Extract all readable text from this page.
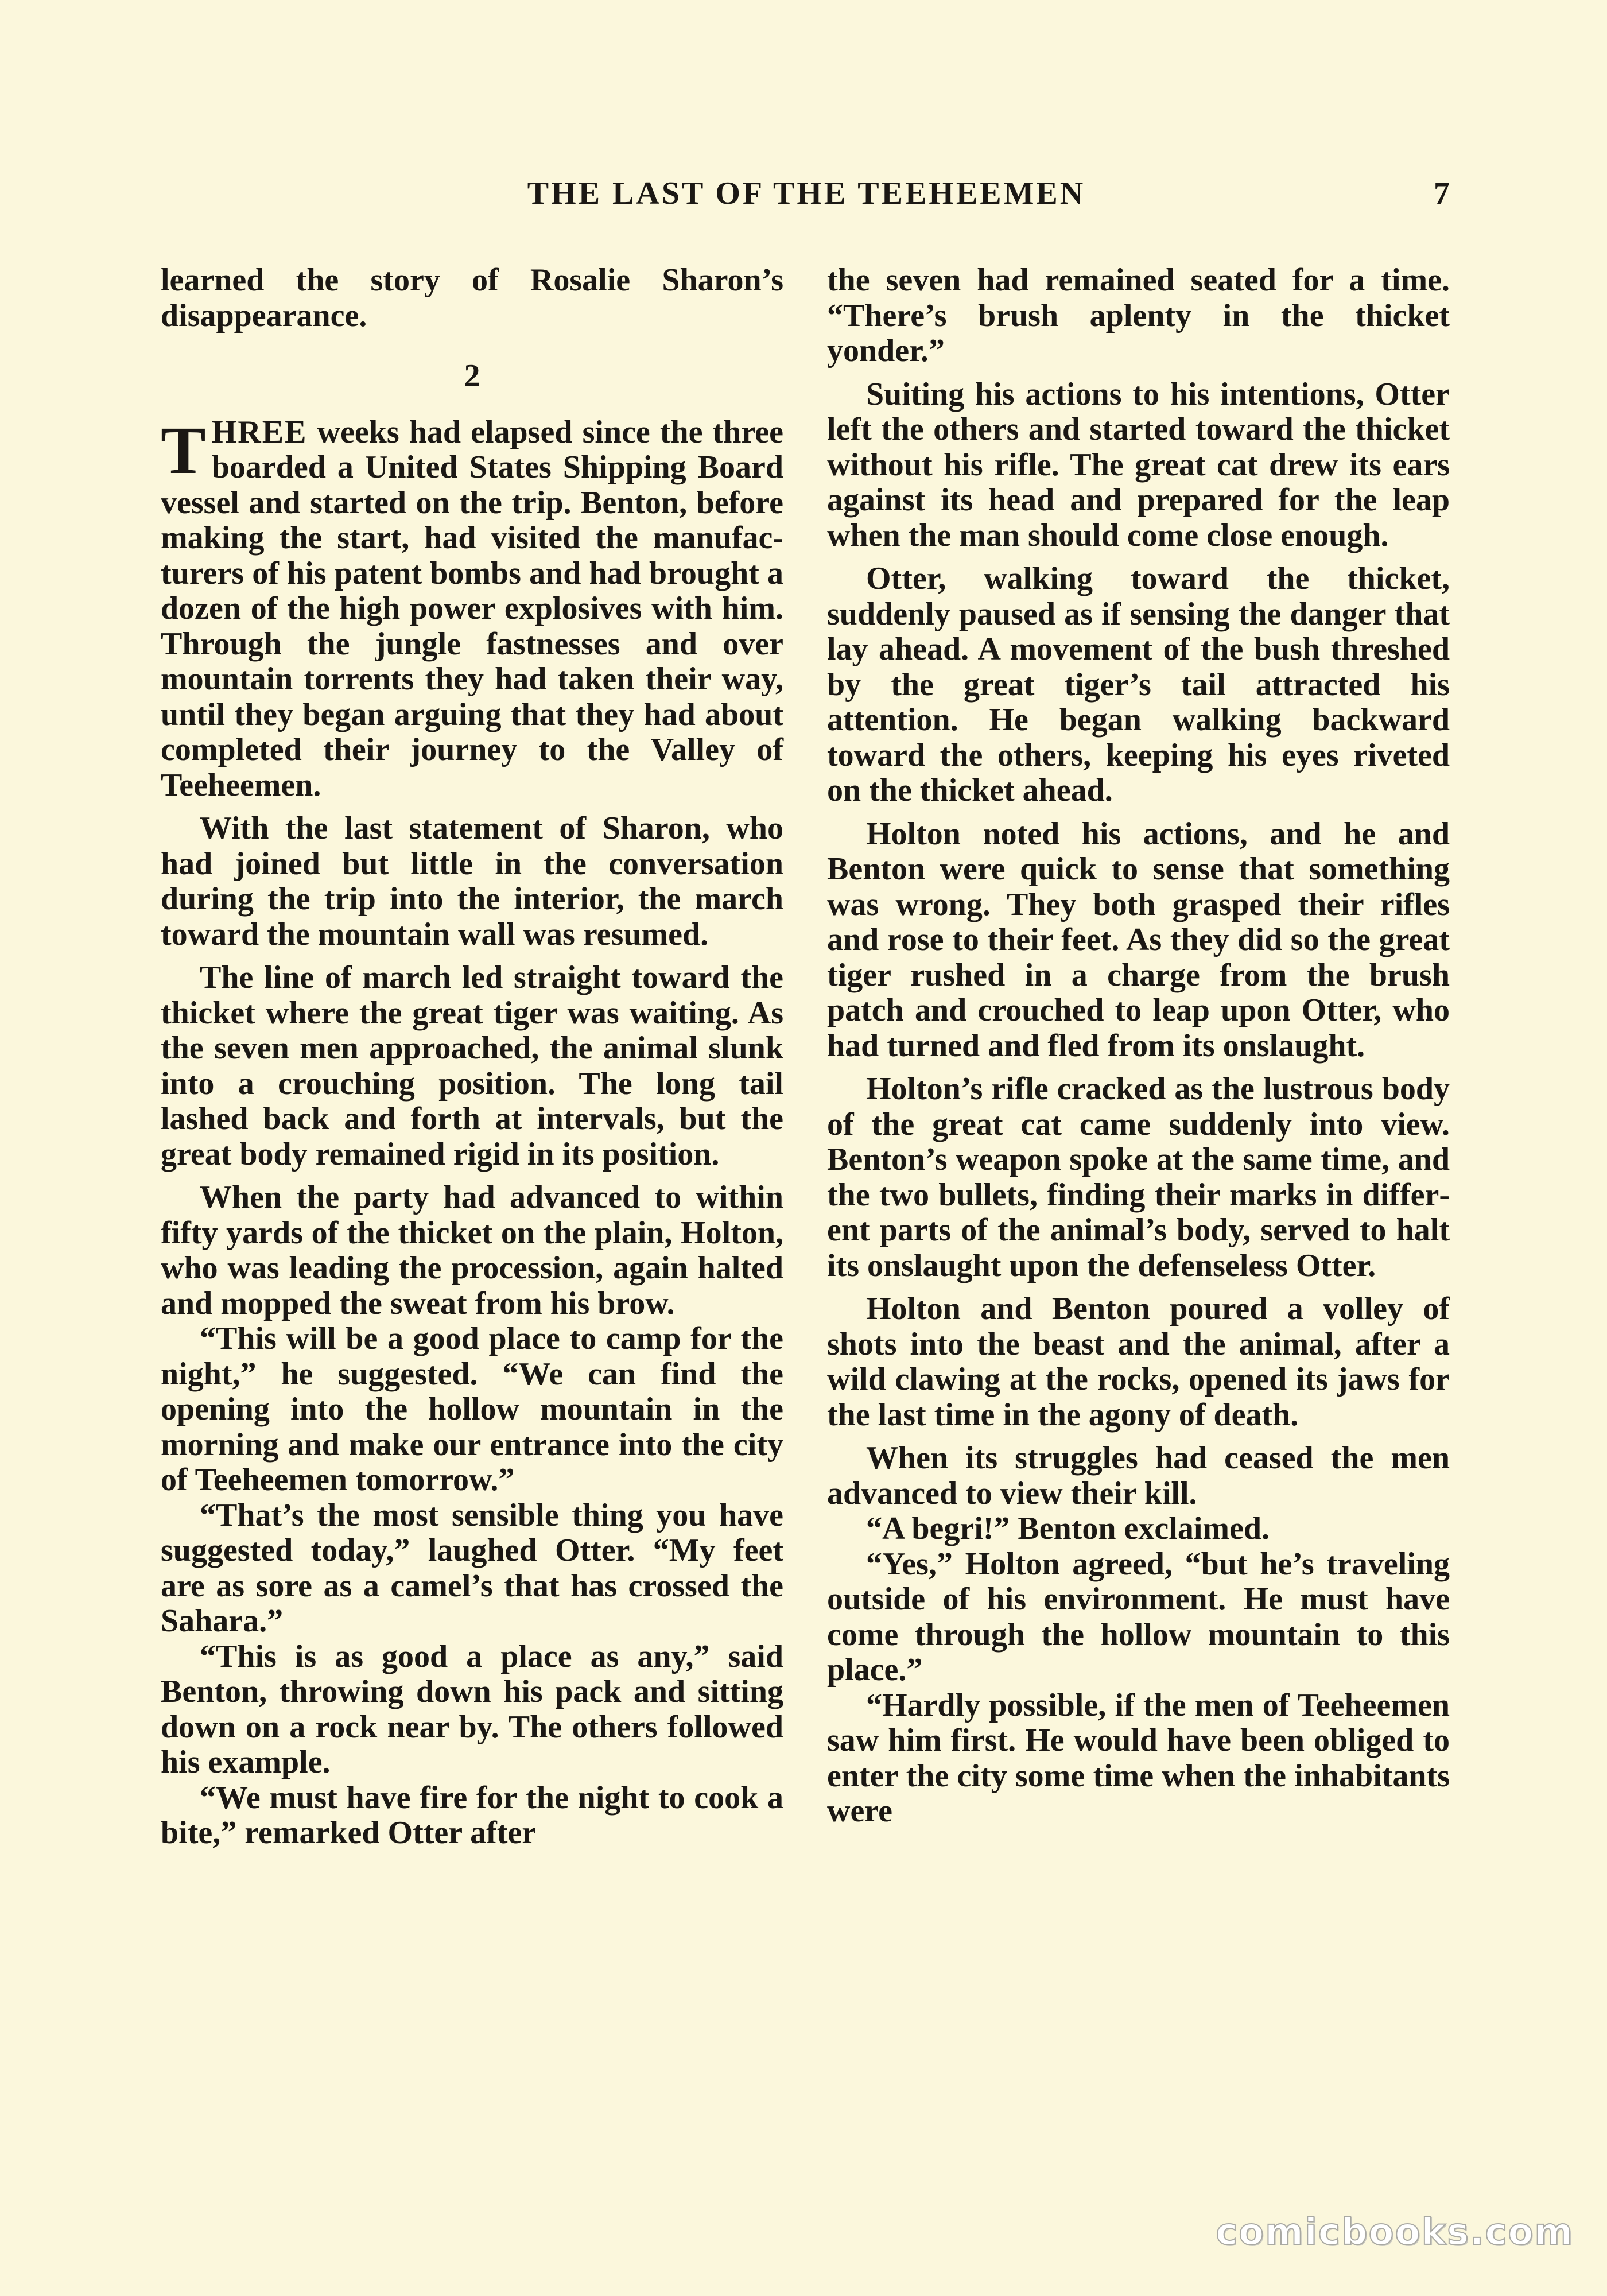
THE LAST OF THE TEEHEEMEN	7

learned the story of Rosalie Sharon’s disappearance.

2

THREE weeks had elapsed since the three boarded a United States Shipping Board vessel and started on the trip. Benton, before making the start, had visited the manufacturers of his patent bombs and had brought a dozen of the high power explosives with him. Through the jungle fastnesses and over mountain torrents they had taken their way, until they began arguing that they had about completed their journey to the Valley of Teeheemen.

With the last statement of Sharon, who had joined but little in the conversation during the trip into the interior, the march toward the mountain wall was resumed.

The line of march led straight toward the thicket where the great tiger was waiting. As the seven men approached, the animal slunk into a crouching position. The long tail lashed back and forth at intervals, but the great body remained rigid in its position.

When the party had advanced to within fifty yards of the thicket on the plain, Holton, who was leading the procession, again halted and mopped the sweat from his brow.

“This will be a good place to camp for the night,” he suggested. “We can find the opening into the hollow mountain in the morning and make our entrance into the city of Teeheemen tomorrow.”

“That’s the most sensible thing you have suggested today,” laughed Otter. “My feet are as sore as a camel’s that has crossed the Sahara.”

“This is as good a place as any,” said Benton, throwing down his pack and sitting down on a rock near by. The others followed his example.

“We must have fire for the night to cook a bite,” remarked Otter after

the seven had remained seated for a time. “There’s brush aplenty in the thicket yonder.”

Suiting his actions to his intentions, Otter left the others and started toward the thicket without his rifle. The great cat drew its ears against its head and prepared for the leap when the man should come close enough.

Otter, walking toward the thicket, suddenly paused as if sensing the danger that lay ahead. A movement of the bush threshed by the great tiger’s tail attracted his attention. He began walking backward toward the others, keeping his eyes riveted on the thicket ahead.

Holton noted his actions, and he and Benton were quick to sense that something was wrong. They both grasped their rifles and rose to their feet. As they did so the great tiger rushed in a charge from the brush patch and crouched to leap upon Otter, who had turned and fled from its onslaught.

Holton’s rifle cracked as the lustrous body of the great cat came suddenly into view. Benton’s weapon spoke at the same time, and the two bullets, finding their marks in different parts of the animal’s body, served to halt its onslaught upon the defenseless Otter.

Holton and Benton poured a volley of shots into the beast and the animal, after a wild clawing at the rocks, opened its jaws for the last time in the agony of death.

When its struggles had ceased the men advanced to view their kill.

“A begri!” Benton exclaimed.

“Yes,” Holton agreed, “but he’s traveling outside of his environment. He must have come through the hollow mountain to this place.”

“Hardly possible, if the men of Teeheemen saw him first. He would have been obliged to enter the city some time when the inhabitants were

comicbooks.com
